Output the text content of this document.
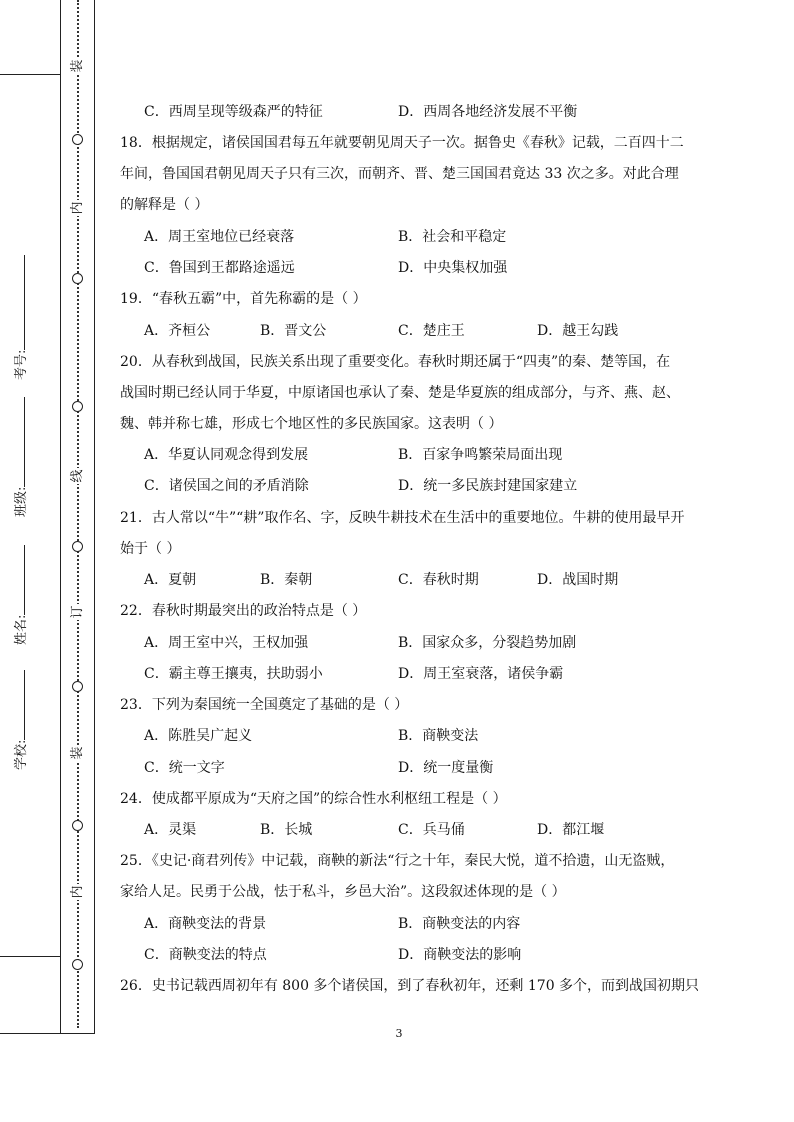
装
内
线
订
装
内
学校:
姓名:
班级:
考号:
C．西周呈现等级森严的特征	D．西周各地经济发展不平衡
18．根据规定，诸侯国国君每五年就要朝见周天子一次。据鲁史《春秋》记载，二百四十二
年间，鲁国国君朝见周天子只有三次，而朝齐、晋、楚三国国君竟达 33 次之多。对此合理
的解释是（ ）
A．周王室地位已经衰落	B．社会和平稳定
C．鲁国到王都路途遥远	D．中央集权加强
19．“春秋五霸”中，首先称霸的是（ ）
A．齐桓公	B．晋文公	C．楚庄王	D．越王勾践
20．从春秋到战国，民族关系出现了重要变化。春秋时期还属于“四夷”的秦、楚等国，在
战国时期已经认同于华夏，中原诸国也承认了秦、楚是华夏族的组成部分，与齐、燕、赵、
魏、韩并称七雄，形成七个地区性的多民族国家。这表明（ ）
A．华夏认同观念得到发展	B．百家争鸣繁荣局面出现
C．诸侯国之间的矛盾消除	D．统一多民族封建国家建立
21．古人常以“牛”“耕”取作名、字，反映牛耕技术在生活中的重要地位。牛耕的使用最早开
始于（ ）
A．夏朝	B．秦朝	C．春秋时期	D．战国时期
22．春秋时期最突出的政治特点是（ ）
A．周王室中兴，王权加强	B．国家众多，分裂趋势加剧
C．霸主尊王攘夷，扶助弱小	D．周王室衰落，诸侯争霸
23．下列为秦国统一全国奠定了基础的是（ ）
A．陈胜吴广起义	B．商鞅变法
C．统一文字	D．统一度量衡
24．使成都平原成为“天府之国”的综合性水利枢纽工程是（ ）
A．灵渠	B．长城	C．兵马俑	D．都江堰
25．《史记·商君列传》中记载，商鞅的新法“行之十年，秦民大悦，道不拾遗，山无盗贼，
家给人足。民勇于公战，怯于私斗，乡邑大治”。这段叙述体现的是（ ）
A．商鞅变法的背景	B．商鞅变法的内容
C．商鞅变法的特点	D．商鞅变法的影响
26．史书记载西周初年有 800 多个诸侯国，到了春秋初年，还剩 170 多个，而到战国初期只
3
